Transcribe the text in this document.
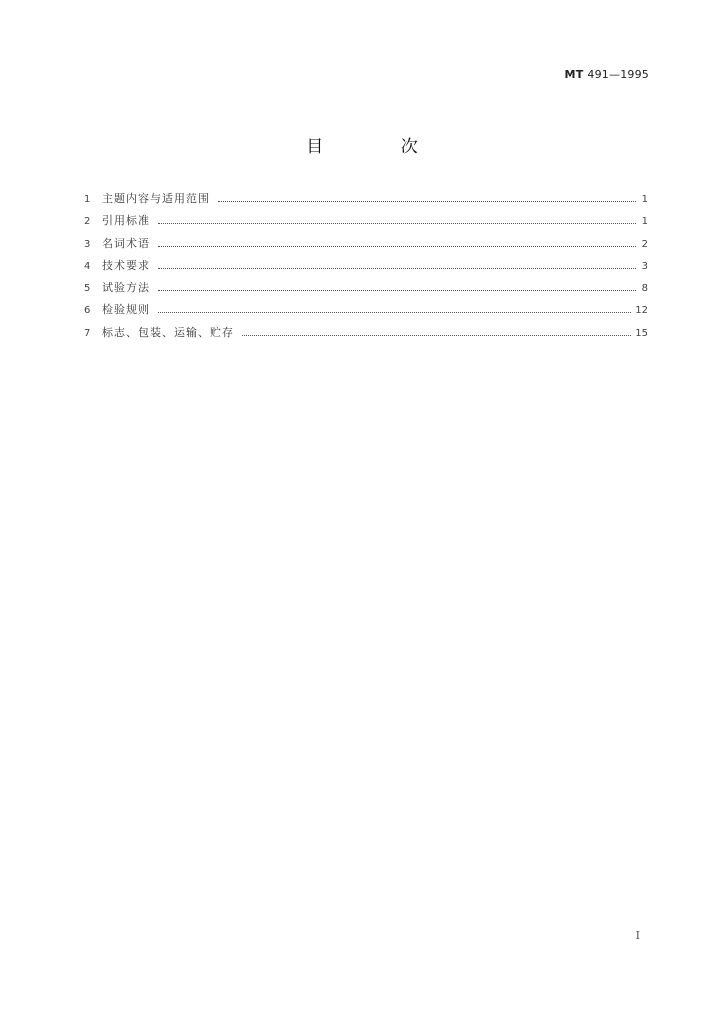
MT 491—1995
目 次
1	主题内容与适用范围	1
2	引用标准	1
3	名词术语	2
4	技术要求	3
5	试验方法	8
6	检验规则	12
7	标志、包装、运输、贮存	15
I
